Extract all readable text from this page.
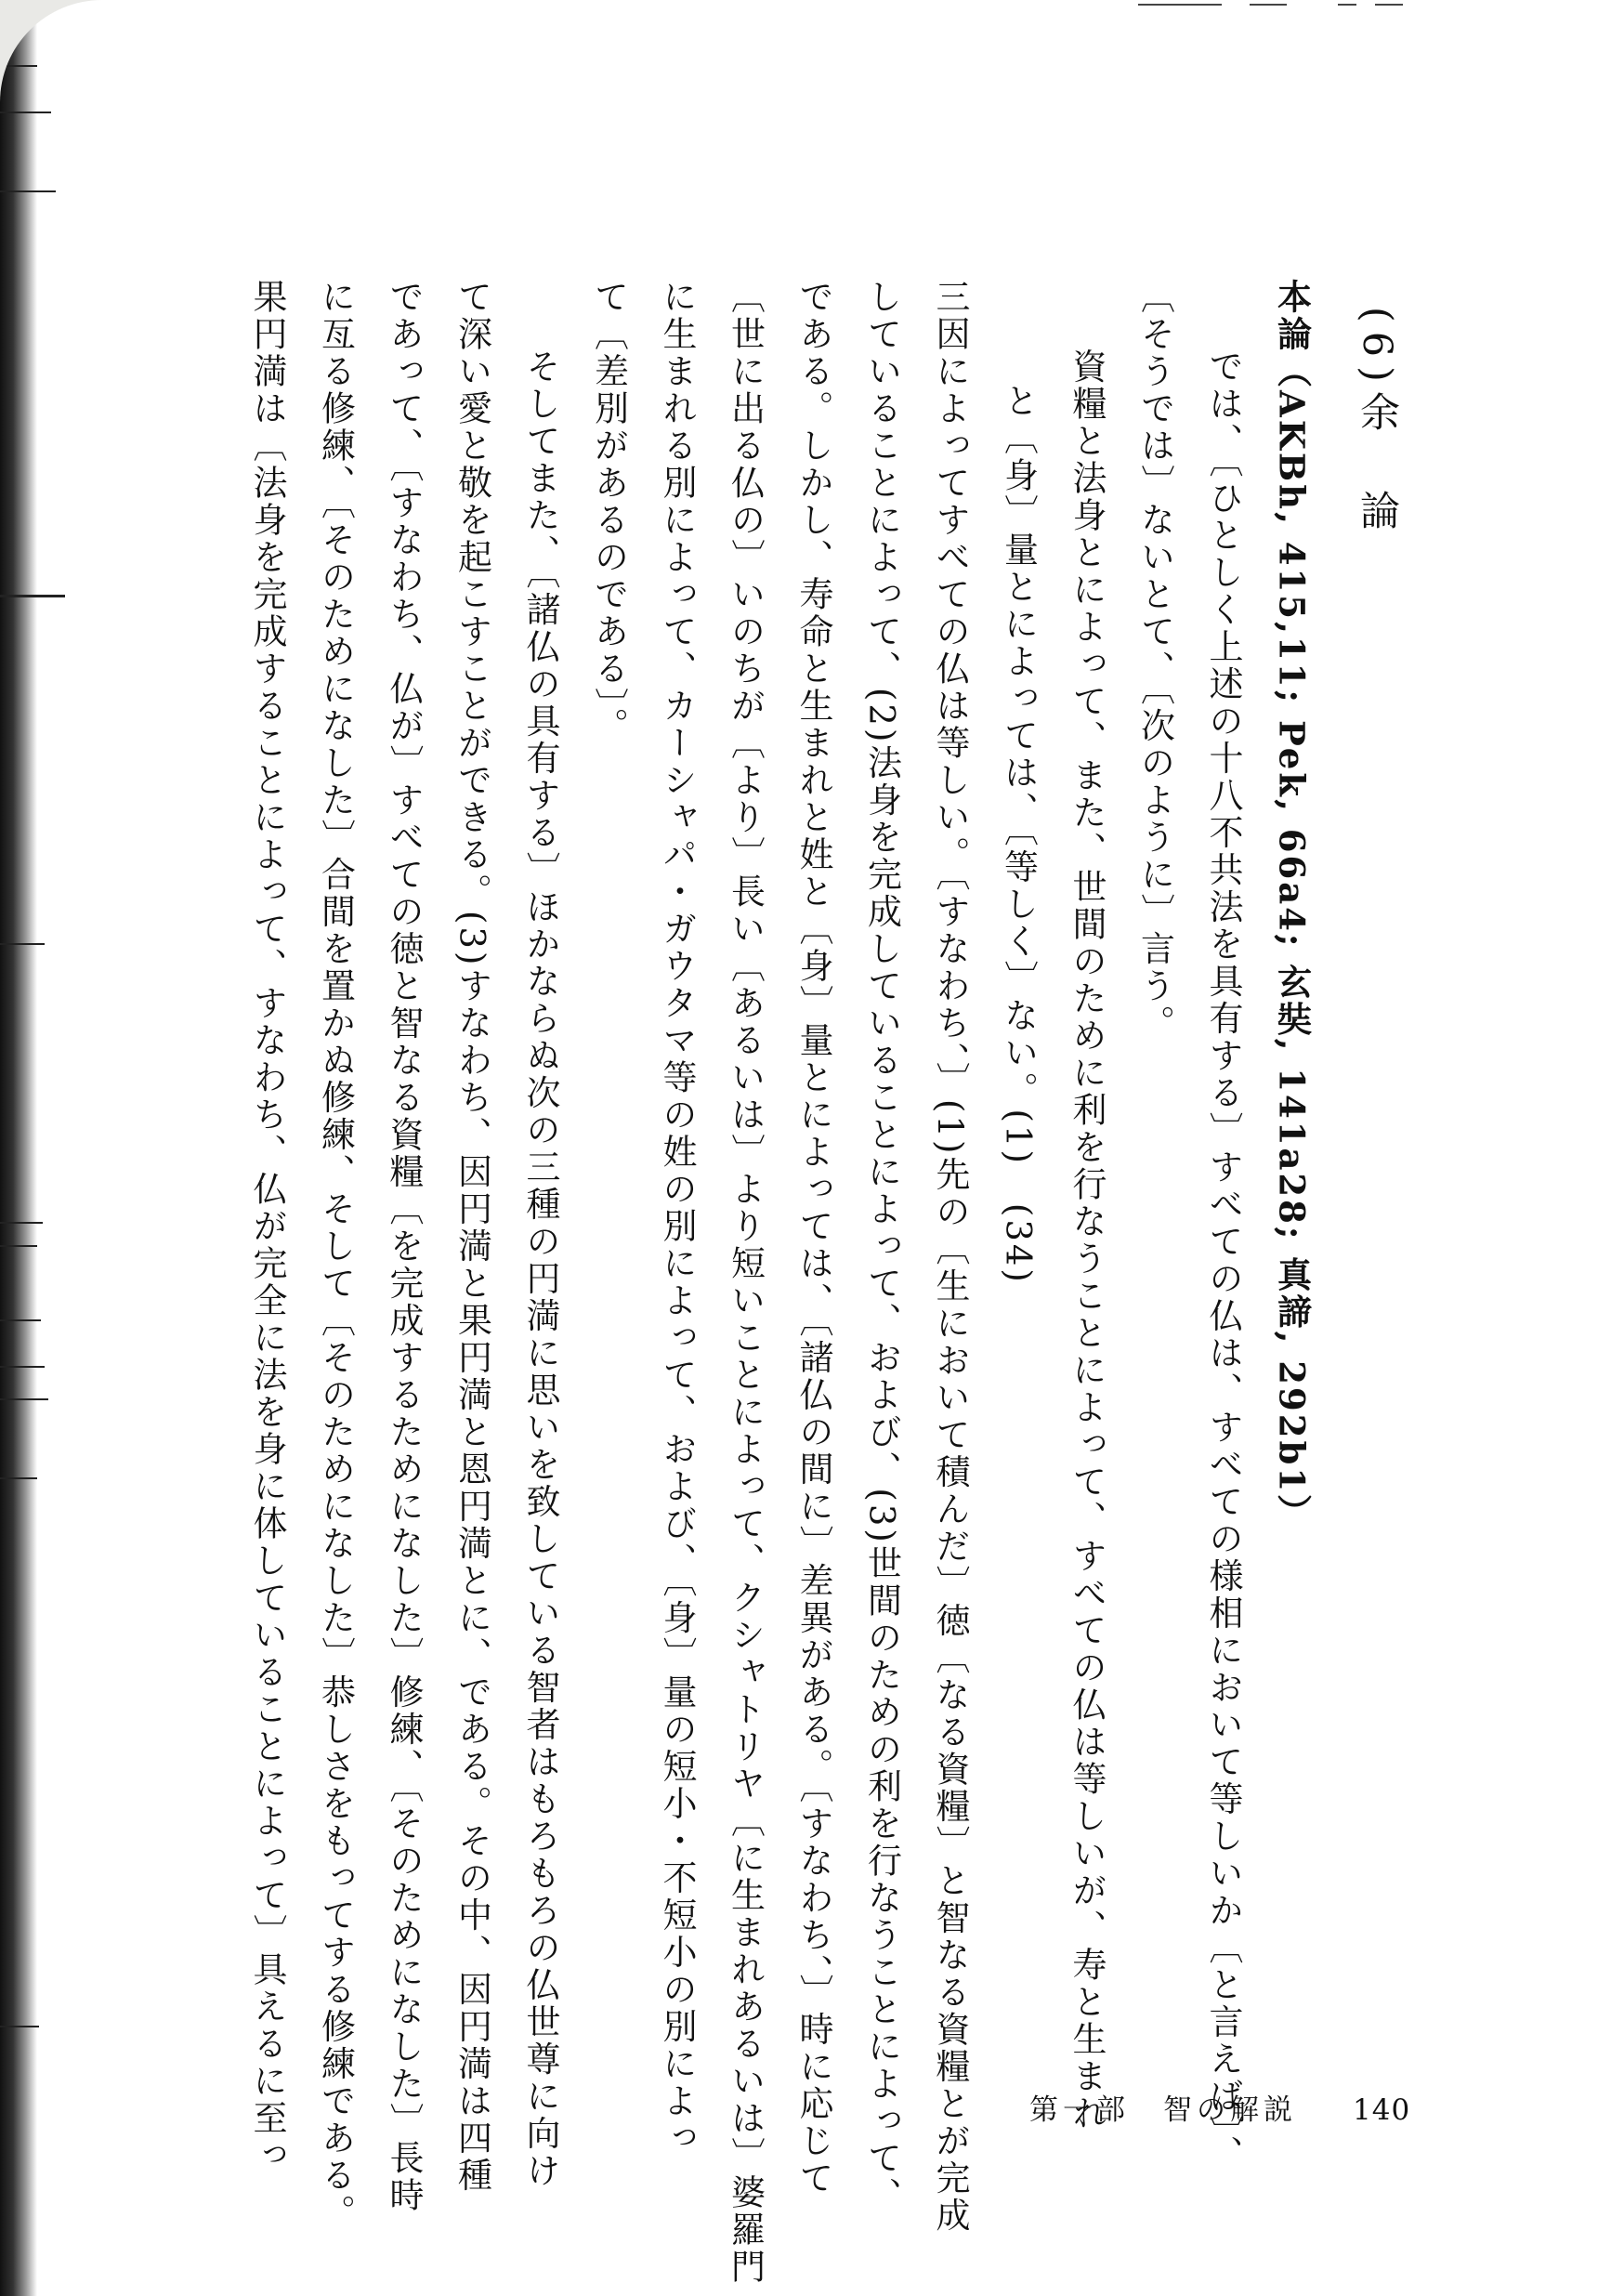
(6)余　論
本論（AKBh, 415,11; Pek, 66a4; 玄奘, 141a28; 真諦, 292b1）
では、〔ひとしく上述の十八不共法を具有する〕すべての仏は、すべての様相において等しいか〔と言えば〕、
〔そうでは〕ないとて、〔次のように〕言う。
資糧と法身とによって、また、世間のために利を行なうことによって、すべての仏は等しいが、寿と生まれ
と〔身〕量とによっては、〔等しく〕ない。(1)　(34)
三因によってすべての仏は等しい。〔すなわち、〕(1)先の〔生において積んだ〕徳〔なる資糧〕と智なる資糧とが完成
していることによって、(2)法身を完成していることによって、および、(3)世間のための利を行なうことによって、
である。しかし、寿命と生まれと姓と〔身〕量とによっては、〔諸仏の間に〕差異がある。〔すなわち、〕時に応じて
〔世に出る仏の〕いのちが〔より〕長い〔あるいは〕より短いことによって、クシャトリヤ〔に生まれあるいは〕婆羅門
に生まれる別によって、カーシャパ・ガウタマ等の姓の別によって、および、〔身〕量の短小・不短小の別によっ
て〔差別があるのである〕。
そしてまた、〔諸仏の具有する〕ほかならぬ次の三種の円満に思いを致している智者はもろもろの仏世尊に向け
て深い愛と敬を起こすことができる。(3)すなわち、因円満と果円満と恩円満とに、である。その中、因円満は四種
であって、〔すなわち、仏が〕すべての徳と智なる資糧〔を完成するためになした〕修練、〔そのためになした〕長時
に亙る修練、〔そのためになした〕合間を置かぬ修練、そして〔そのためになした〕恭しさをもってする修練である。
果円満は〔法身を完成することによって、すなわち、仏が完全に法を身に体していることによって〕具えるに至っ	第一部　智の解説 140
